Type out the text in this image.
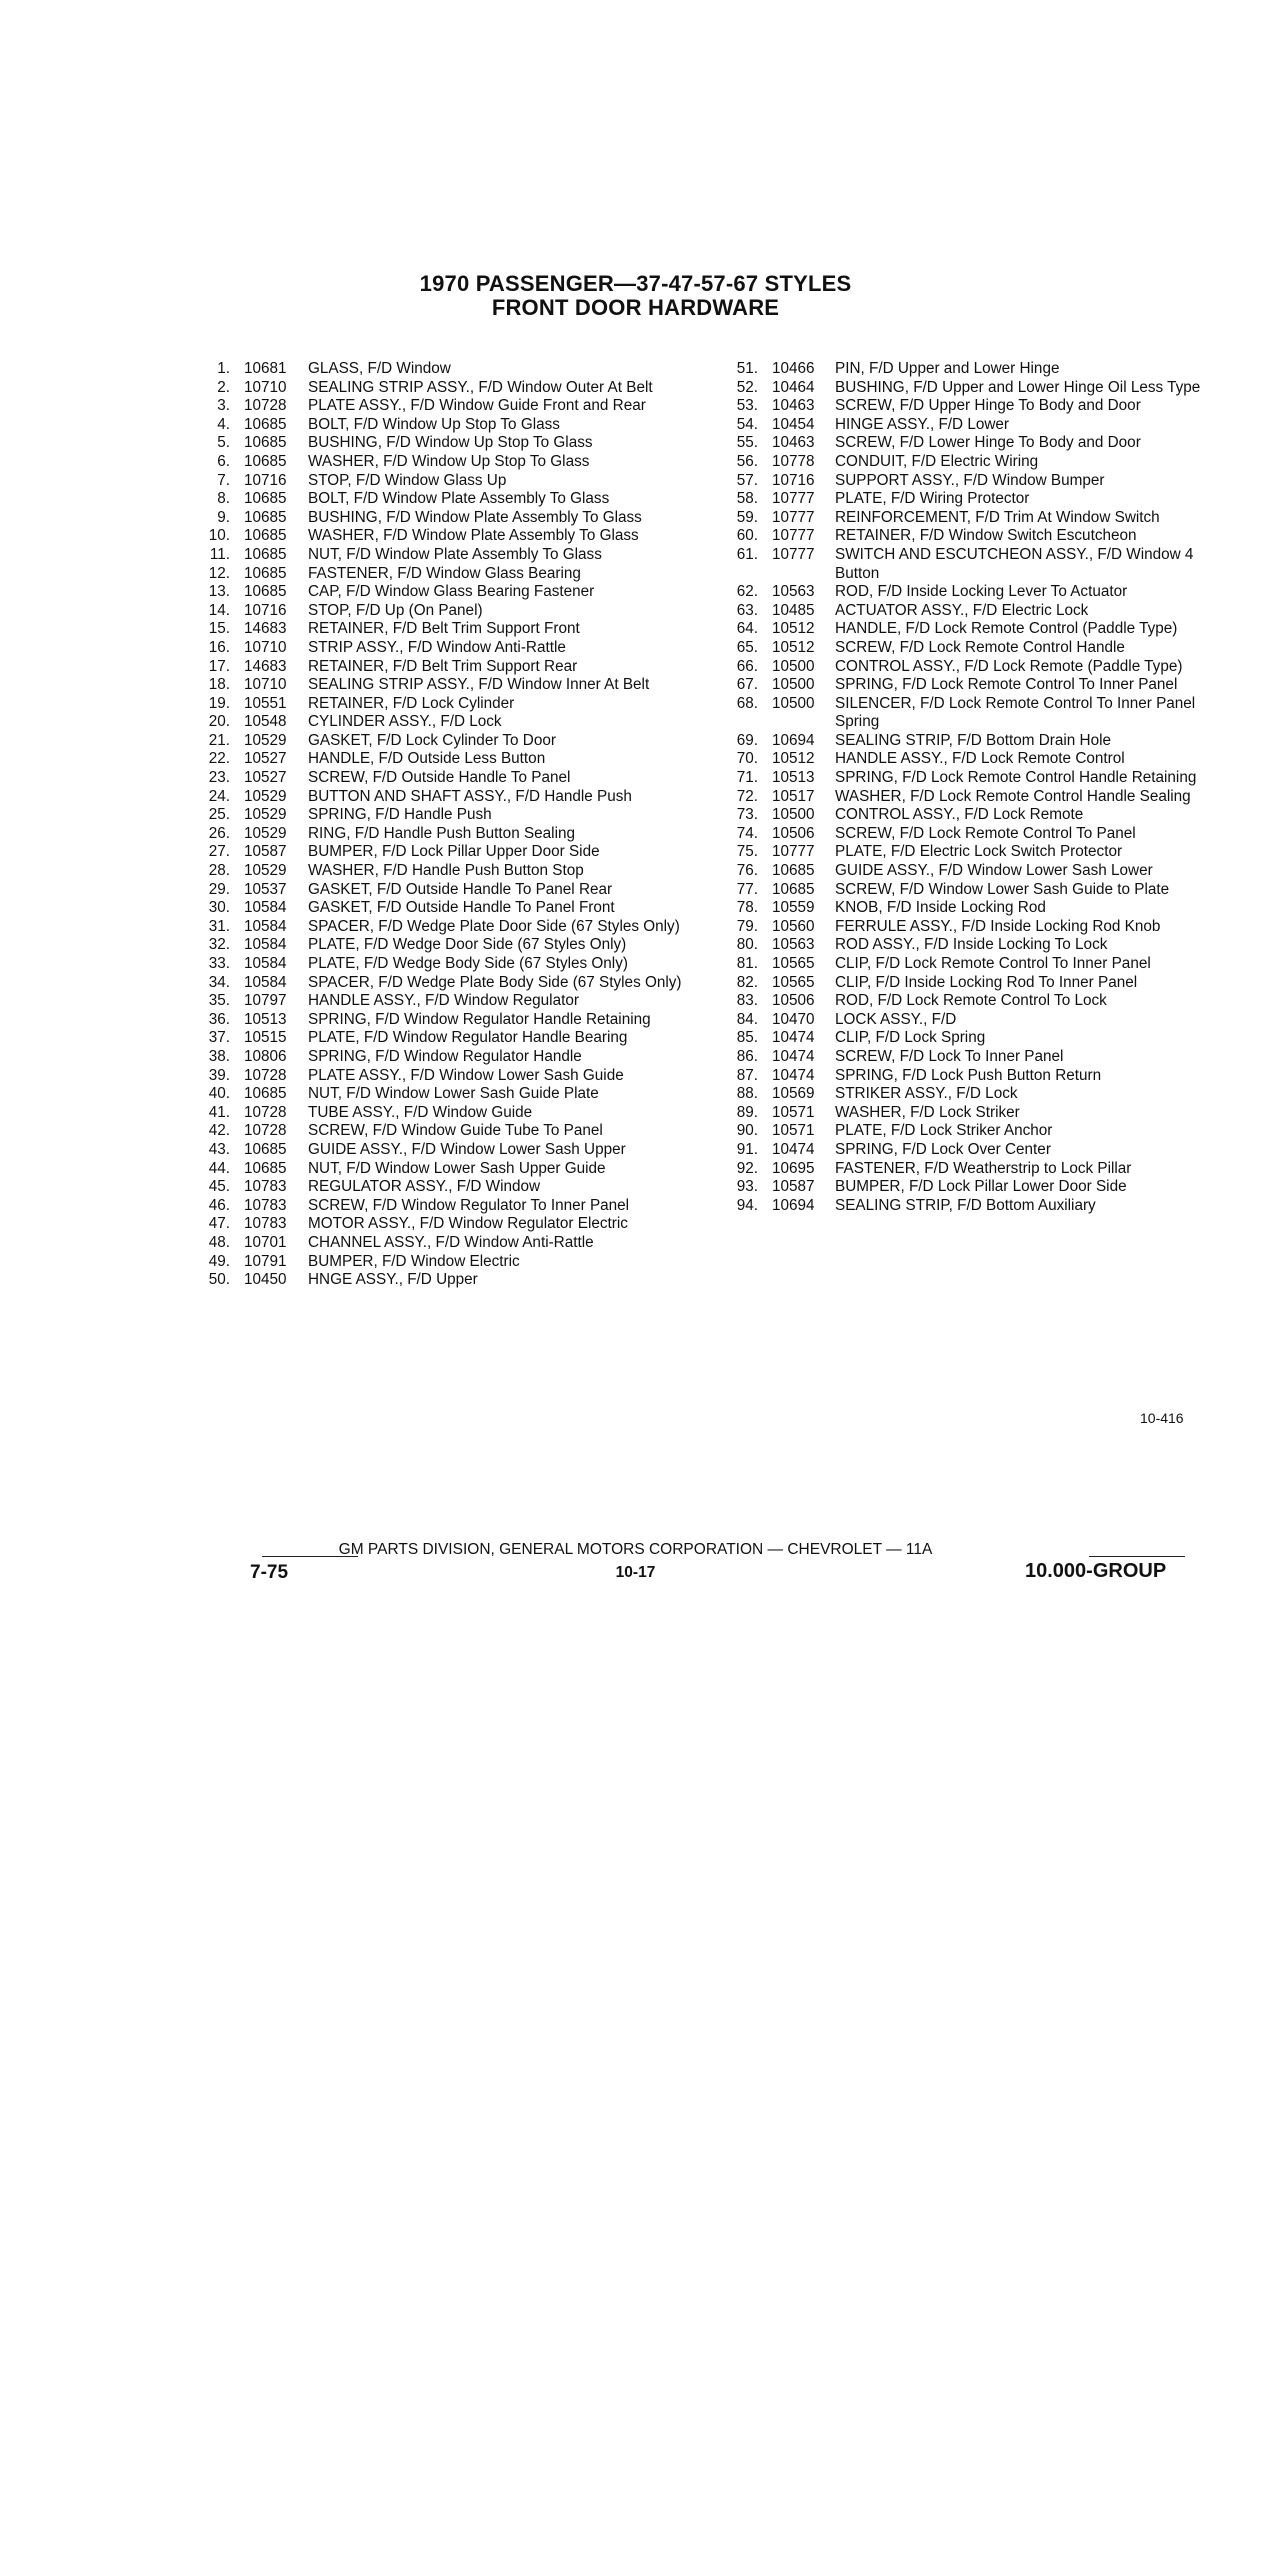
1970 PASSENGER—37-47-57-67 STYLES
FRONT DOOR HARDWARE
1. 10681	GLASS, F/D Window
2. 10710	SEALING STRIP ASSY., F/D Window Outer At Belt
3. 10728	PLATE ASSY., F/D Window Guide Front and Rear
4. 10685	BOLT, F/D Window Up Stop To Glass
5. 10685	BUSHING, F/D Window Up Stop To Glass
6. 10685	WASHER, F/D Window Up Stop To Glass
7. 10716	STOP, F/D Window Glass Up
8. 10685	BOLT, F/D Window Plate Assembly To Glass
9. 10685	BUSHING, F/D Window Plate Assembly To Glass
10. 10685	WASHER, F/D Window Plate Assembly To Glass
11. 10685	NUT, F/D Window Plate Assembly To Glass
12. 10685	FASTENER, F/D Window Glass Bearing
13. 10685	CAP, F/D Window Glass Bearing Fastener
14. 10716	STOP, F/D Up (On Panel)
15. 14683	RETAINER, F/D Belt Trim Support Front
16. 10710	STRIP ASSY., F/D Window Anti-Rattle
17. 14683	RETAINER, F/D Belt Trim Support Rear
18. 10710	SEALING STRIP ASSY., F/D Window Inner At Belt
19. 10551	RETAINER, F/D Lock Cylinder
20. 10548	CYLINDER ASSY., F/D Lock
21. 10529	GASKET, F/D Lock Cylinder To Door
22. 10527	HANDLE, F/D Outside Less Button
23. 10527	SCREW, F/D Outside Handle To Panel
24. 10529	BUTTON AND SHAFT ASSY., F/D Handle Push
25. 10529	SPRING, F/D Handle Push
26. 10529	RING, F/D Handle Push Button Sealing
27. 10587	BUMPER, F/D Lock Pillar Upper Door Side
28. 10529	WASHER, F/D Handle Push Button Stop
29. 10537	GASKET, F/D Outside Handle To Panel Rear
30. 10584	GASKET, F/D Outside Handle To Panel Front
31. 10584	SPACER, F/D Wedge Plate Door Side (67 Styles Only)
32. 10584	PLATE, F/D Wedge Door Side (67 Styles Only)
33. 10584	PLATE, F/D Wedge Body Side (67 Styles Only)
34. 10584	SPACER, F/D Wedge Plate Body Side (67 Styles Only)
35. 10797	HANDLE ASSY., F/D Window Regulator
36. 10513	SPRING, F/D Window Regulator Handle Retaining
37. 10515	PLATE, F/D Window Regulator Handle Bearing
38. 10806	SPRING, F/D Window Regulator Handle
39. 10728	PLATE ASSY., F/D Window Lower Sash Guide
40. 10685	NUT, F/D Window Lower Sash Guide Plate
41. 10728	TUBE ASSY., F/D Window Guide
42. 10728	SCREW, F/D Window Guide Tube To Panel
43. 10685	GUIDE ASSY., F/D Window Lower Sash Upper
44. 10685	NUT, F/D Window Lower Sash Upper Guide
45. 10783	REGULATOR ASSY., F/D Window
46. 10783	SCREW, F/D Window Regulator To Inner Panel
47. 10783	MOTOR ASSY., F/D Window Regulator Electric
48. 10701	CHANNEL ASSY., F/D Window Anti-Rattle
49. 10791	BUMPER, F/D Window Electric
50. 10450	HNGE ASSY., F/D Upper
51. 10466	PIN, F/D Upper and Lower Hinge
52. 10464	BUSHING, F/D Upper and Lower Hinge Oil Less Type
53. 10463	SCREW, F/D Upper Hinge To Body and Door
54. 10454	HINGE ASSY., F/D Lower
55. 10463	SCREW, F/D Lower Hinge To Body and Door
56. 10778	CONDUIT, F/D Electric Wiring
57. 10716	SUPPORT ASSY., F/D Window Bumper
58. 10777	PLATE, F/D Wiring Protector
59. 10777	REINFORCEMENT, F/D Trim At Window Switch
60. 10777	RETAINER, F/D Window Switch Escutcheon
61. 10777	SWITCH AND ESCUTCHEON ASSY., F/D Window 4 Button
62. 10563	ROD, F/D Inside Locking Lever To Actuator
63. 10485	ACTUATOR ASSY., F/D Electric Lock
64. 10512	HANDLE, F/D Lock Remote Control (Paddle Type)
65. 10512	SCREW, F/D Lock Remote Control Handle
66. 10500	CONTROL ASSY., F/D Lock Remote (Paddle Type)
67. 10500	SPRING, F/D Lock Remote Control To Inner Panel
68. 10500	SILENCER, F/D Lock Remote Control To Inner Panel Spring
69. 10694	SEALING STRIP, F/D Bottom Drain Hole
70. 10512	HANDLE ASSY., F/D Lock Remote Control
71. 10513	SPRING, F/D Lock Remote Control Handle Retaining
72. 10517	WASHER, F/D Lock Remote Control Handle Sealing
73. 10500	CONTROL ASSY., F/D Lock Remote
74. 10506	SCREW, F/D Lock Remote Control To Panel
75. 10777	PLATE, F/D Electric Lock Switch Protector
76. 10685	GUIDE ASSY., F/D Window Lower Sash Lower
77. 10685	SCREW, F/D Window Lower Sash Guide to Plate
78. 10559	KNOB, F/D Inside Locking Rod
79. 10560	FERRULE ASSY., F/D Inside Locking Rod Knob
80. 10563	ROD ASSY., F/D Inside Locking To Lock
81. 10565	CLIP, F/D Lock Remote Control To Inner Panel
82. 10565	CLIP, F/D Inside Locking Rod To Inner Panel
83. 10506	ROD, F/D Lock Remote Control To Lock
84. 10470	LOCK ASSY., F/D
85. 10474	CLIP, F/D Lock Spring
86. 10474	SCREW, F/D Lock To Inner Panel
87. 10474	SPRING, F/D Lock Push Button Return
88. 10569	STRIKER ASSY., F/D Lock
89. 10571	WASHER, F/D Lock Striker
90. 10571	PLATE, F/D Lock Striker Anchor
91. 10474	SPRING, F/D Lock Over Center
92. 10695	FASTENER, F/D Weatherstrip to Lock Pillar
93. 10587	BUMPER, F/D Lock Pillar Lower Door Side
94. 10694	SEALING STRIP, F/D Bottom Auxiliary
10-416
GM PARTS DIVISION, GENERAL MOTORS CORPORATION — CHEVROLET — 11A
7-75	10-17	10.000-GROUP
